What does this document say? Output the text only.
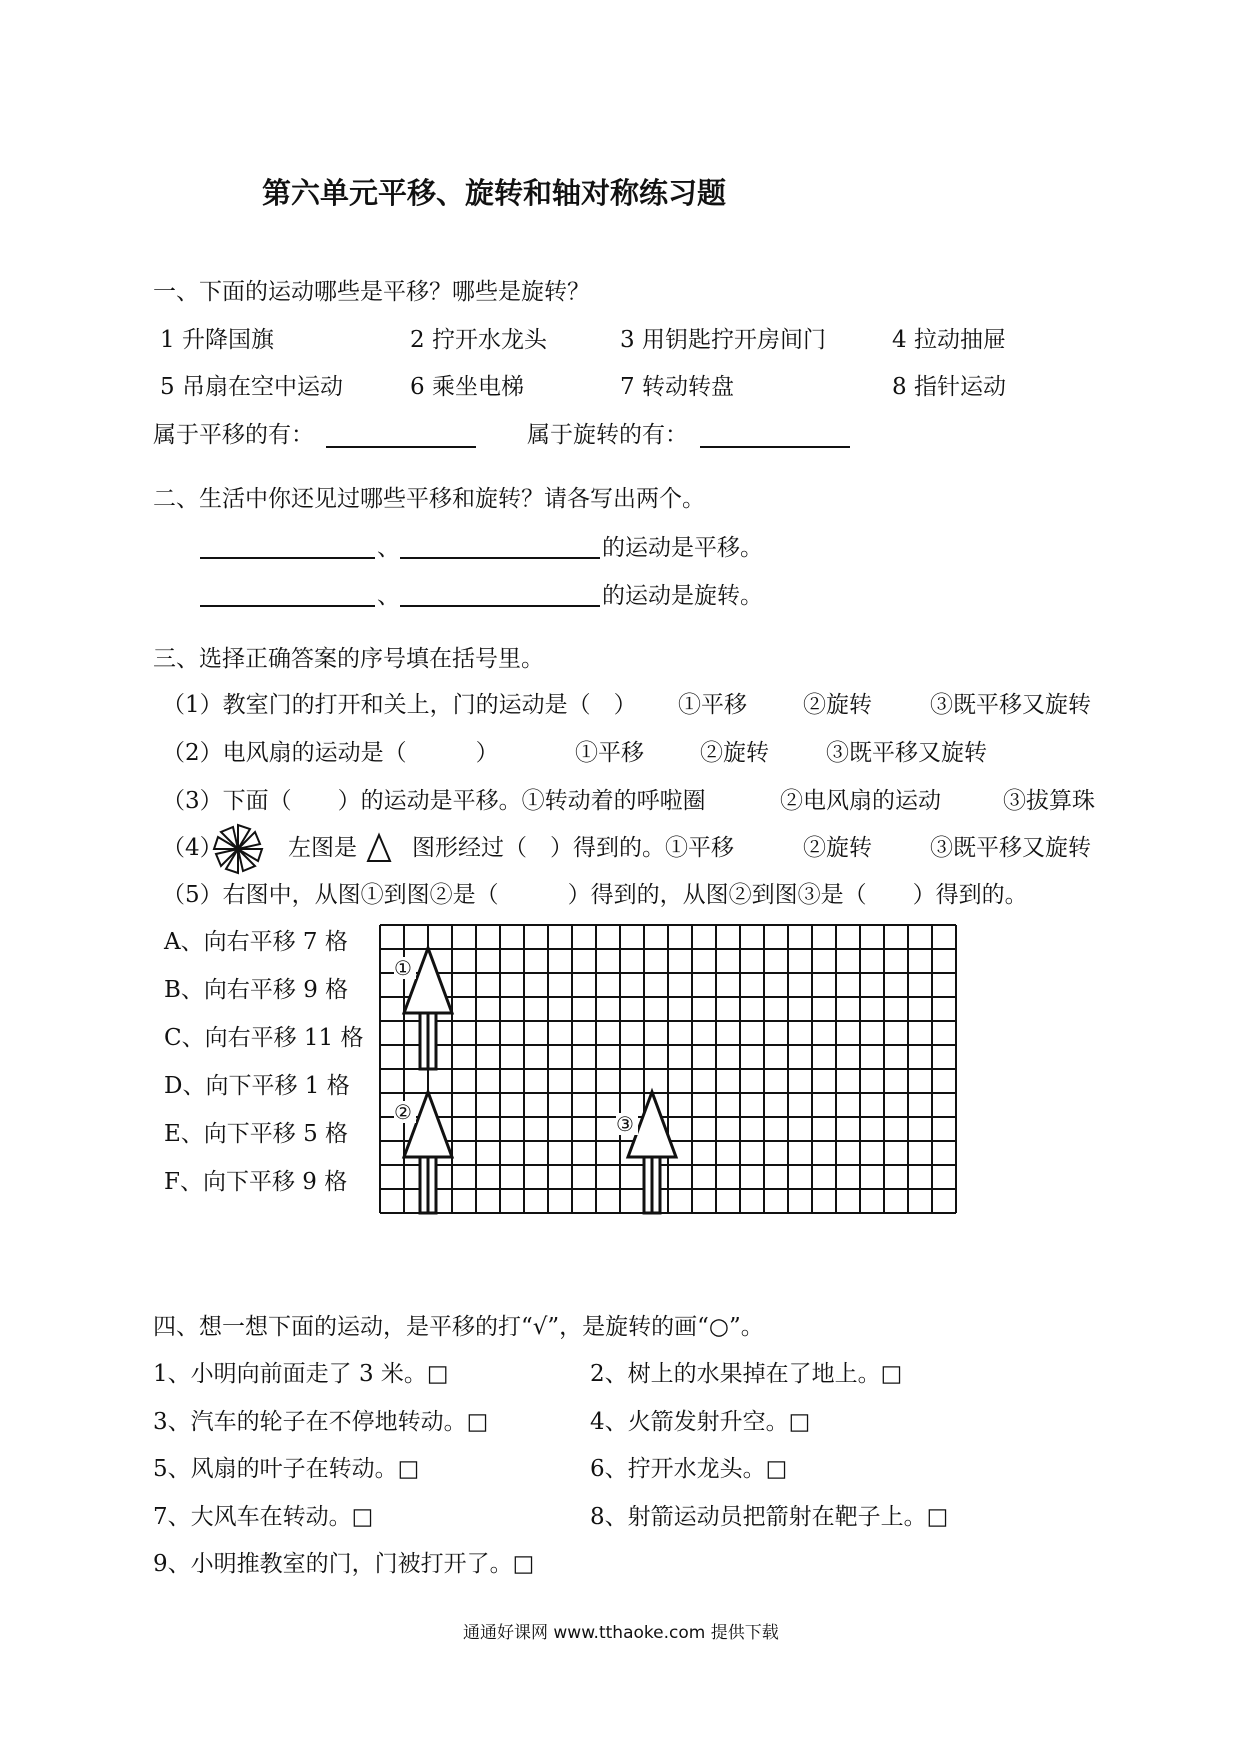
第六单元平移、旋转和轴对称练习题
一、下面的运动哪些是平移？哪些是旋转？
1 升降国旗	2 拧开水龙头	3 用钥匙拧开房间门	4 拉动抽屉
5 吊扇在空中运动	6 乘坐电梯	7 转动转盘	8 指针运动
属于平移的有：	属于旋转的有：
二、生活中你还见过哪些平移和旋转？请各写出两个。
、	的运动是平移。
、	的运动是旋转。
三、选择正确答案的序号填在括号里。
（1）教室门的打开和关上，门的运动是（　） ①平移 ②旋转	③既平移又旋转
（2）电风扇的运动是（　　　）	①平移 ②旋转 ③既平移又旋转
（3）下面（　　）的运动是平移。①转动着的呼啦圈	②电风扇的运动	③拔算珠
（4）	左图是 图形经过（　）得到的。①平移	②旋转	③既平移又旋转
（5）右图中，从图①到图②是（　　　）得到的，从图②到图③是（　　）得到的。
A、向右平移 7 格
B、向右平移 9 格
C、向右平移 11 格
D、向下平移 1 格
E、向下平移 5 格
F、向下平移 9 格
①
②	③
四、想一想下面的运动，是平移的打“√”，是旋转的画“○”。
1、小明向前面走了 3 米。□	2、树上的水果掉在了地上。□
3、汽车的轮子在不停地转动。□	4、火箭发射升空。□
5、风扇的叶子在转动。□	6、拧开水龙头。□
7、大风车在转动。□	8、射箭运动员把箭射在靶子上。□
9、小明推教室的门，门被打开了。□
通通好课网 www.tthaoke.com 提供下载
